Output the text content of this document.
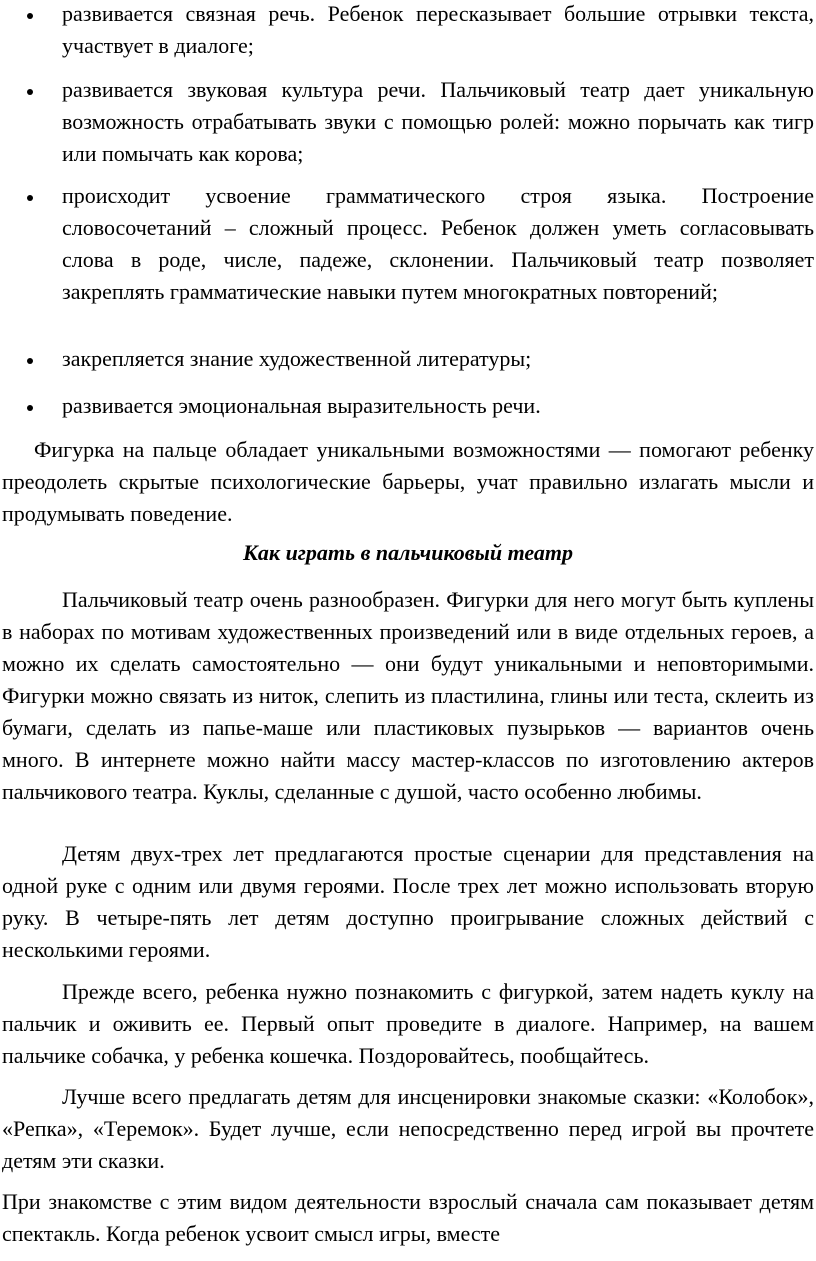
развивается связная речь. Ребенок пересказывает большие отрывки текста, участвует в диалоге;
развивается звуковая культура речи. Пальчиковый театр дает уникальную возможность отрабатывать звуки с помощью ролей: можно порычать как тигр или помычать как корова;
происходит усвоение грамматического строя языка. Построение словосочетаний – сложный процесс. Ребенок должен уметь согласовывать слова в роде, числе, падеже, склонении. Пальчиковый театр позволяет закреплять грамматические навыки путем многократных повторений;
закрепляется знание художественной литературы;
развивается эмоциональная выразительность речи.

Фигурка на пальце обладает уникальными возможностями — помогают ребенку преодолеть скрытые психологические барьеры, учат правильно излагать мысли и продумывать поведение.

Как играть в пальчиковый театр

Пальчиковый театр очень разнообразен. Фигурки для него могут быть куплены в наборах по мотивам художественных произведений или в виде отдельных героев, а можно их сделать самостоятельно — они будут уникальными и неповторимыми. Фигурки можно связать из ниток, слепить из пластилина, глины или теста, склеить из бумаги, сделать из папье-маше или пластиковых пузырьков — вариантов очень много. В интернете можно найти массу мастер-классов по изготовлению актеров пальчикового театра. Куклы, сделанные с душой, часто особенно любимы.

Детям двух-трех лет предлагаются простые сценарии для представления на одной руке с одним или двумя героями. После трех лет можно использовать вторую руку. В четыре-пять лет детям доступно проигрывание сложных действий с несколькими героями.

Прежде всего, ребенка нужно познакомить с фигуркой, затем надеть куклу на пальчик и оживить ее. Первый опыт проведите в диалоге. Например, на вашем пальчике собачка, у ребенка кошечка. Поздоровайтесь, пообщайтесь.

Лучше всего предлагать детям для инсценировки знакомые сказки: «Колобок», «Репка», «Теремок». Будет лучше, если непосредственно перед игрой вы прочтете детям эти сказки.

При знакомстве с этим видом деятельности взрослый сначала сам показывает детям спектакль. Когда ребенок усвоит смысл игры, вместе
